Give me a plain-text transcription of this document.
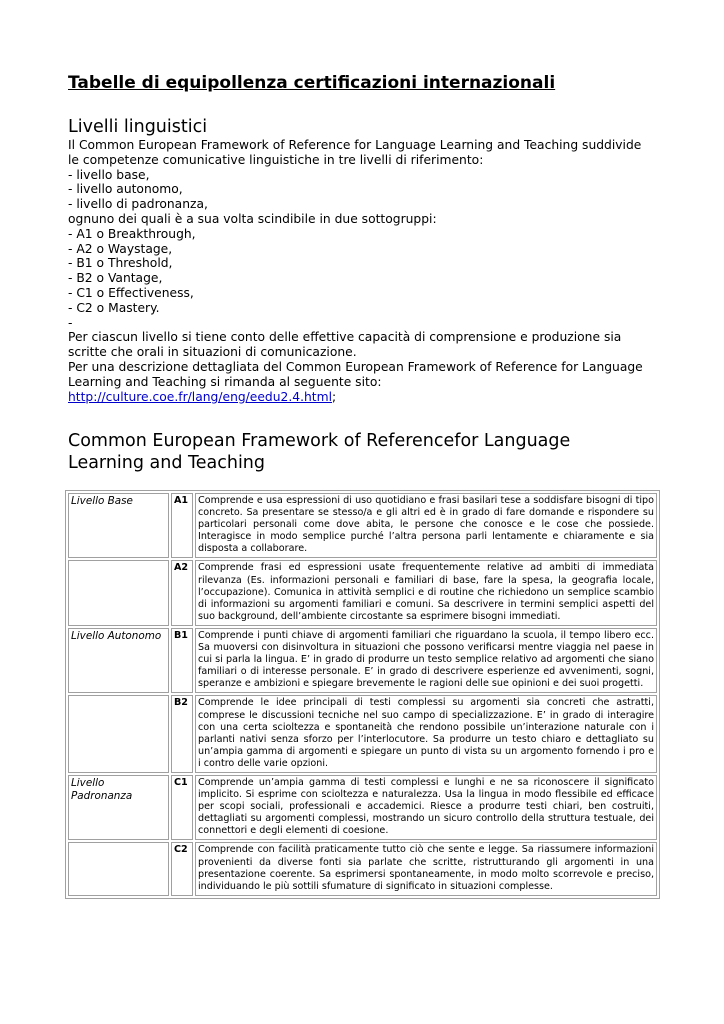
Tabelle di equipollenza certificazioni internazionali
Livelli linguistici

Il Common European Framework of Reference for Language Learning and Teaching suddivide

le competenze comunicative linguistiche in tre livelli di riferimento:

- livello base,

- livello autonomo,

- livello di padronanza,

ognuno dei quali è a sua volta scindibile in due sottogruppi:

- A1 o Breakthrough,

- A2 o Waystage,

- B1 o Threshold,

- B2 o Vantage,

- C1 o Effectiveness,

- C2 o Mastery.

-

Per ciascun livello si tiene conto delle effettive capacità di comprensione e produzione sia

scritte che orali in situazioni di comunicazione.

Per una descrizione dettagliata del Common European Framework of Reference for Language

Learning and Teaching si rimanda al seguente sito:

http://culture.coe.fr/lang/eng/eedu2.4.html;

Common European Framework of Referencefor Language
Learning and Teaching
Livello Base	A1	Comprende e usa espressioni di uso quotidiano e frasi basilari tese a soddisfare bisogni di tipo concreto. Sa presentare se stesso/a e gli altri ed è in grado di fare domande e rispondere su particolari personali come dove abita, le persone che conosce e le cose che possiede. Interagisce in modo semplice purché l’altra persona parli lentamente e chiaramente e sia disposta a collaborare.
	A2	Comprende frasi ed espressioni usate frequentemente relative ad ambiti di immediata rilevanza (Es. informazioni personali e familiari di base, fare la spesa, la geografia locale, l’occupazione). Comunica in attività semplici e di routine che richiedono un semplice scambio di informazioni su argomenti familiari e comuni. Sa descrivere in termini semplici aspetti del suo background, dell’ambiente circostante sa esprimere bisogni immediati.
Livello Autonomo	B1	Comprende i punti chiave di argomenti familiari che riguardano la scuola, il tempo libero ecc. Sa muoversi con disinvoltura in situazioni che possono verificarsi mentre viaggia nel paese in cui si parla la lingua. E’ in grado di produrre un testo semplice relativo ad argomenti che siano familiari o di interesse personale. E’ in grado di descrivere esperienze ed avvenimenti, sogni, speranze e ambizioni e spiegare brevemente le ragioni delle sue opinioni e dei suoi progetti.
	B2	Comprende le idee principali di testi complessi su argomenti sia concreti che astratti, comprese le discussioni tecniche nel suo campo di specializzazione. E’ in grado di interagire con una certa scioltezza e spontaneità che rendono possibile un’interazione naturale con i parlanti nativi senza sforzo per l’interlocutore. Sa produrre un testo chiaro e dettagliato su un’ampia gamma di argomenti e spiegare un punto di vista su un argomento fornendo i pro e i contro delle varie opzioni.
Livello Padronanza	C1	Comprende un’ampia gamma di testi complessi e lunghi e ne sa riconoscere il significato implicito. Si esprime con scioltezza e naturalezza. Usa la lingua in modo flessibile ed efficace per scopi sociali, professionali e accademici. Riesce a produrre testi chiari, ben costruiti, dettagliati su argomenti complessi, mostrando un sicuro controllo della struttura testuale, dei connettori e degli elementi di coesione.
	C2	Comprende con facilità praticamente tutto ciò che sente e legge. Sa riassumere informazioni provenienti da diverse fonti sia parlate che scritte, ristrutturando gli argomenti in una presentazione coerente. Sa esprimersi spontaneamente, in modo molto scorrevole e preciso, individuando le più sottili sfumature di significato in situazioni complesse.
